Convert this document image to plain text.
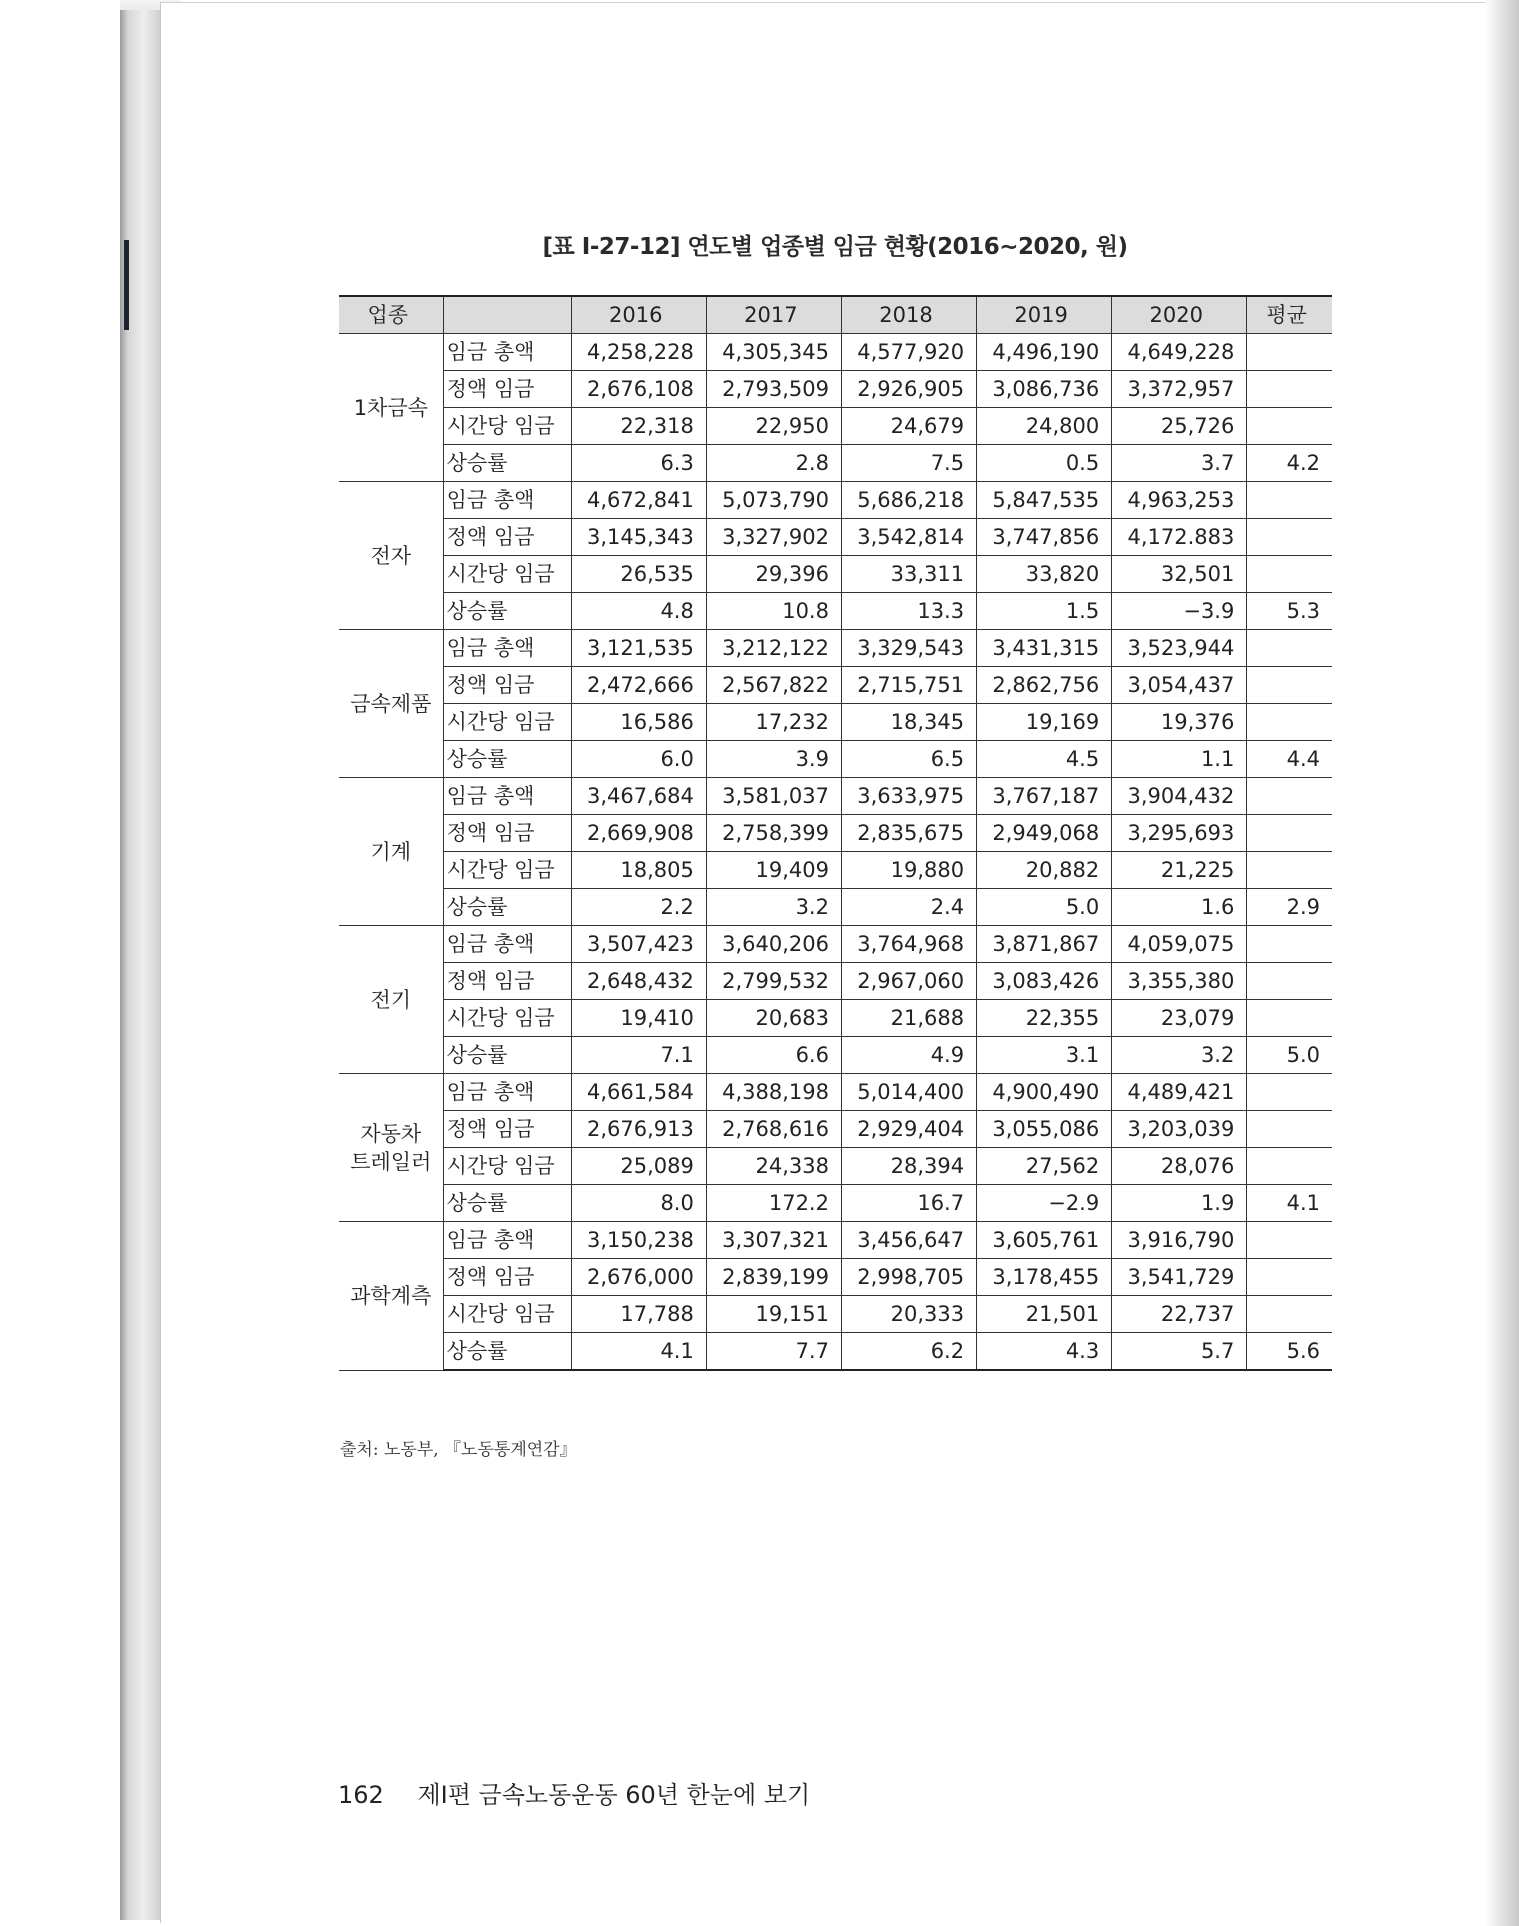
[표 Ⅰ-27-12] 연도별 업종별 임금 현황(2016~2020, 원)
업종		2016	2017	2018	2019	2020	평균
1차금속	임금 총액	4,258,228	4,305,345	4,577,920	4,496,190	4,649,228	
	정액 임금	2,676,108	2,793,509	2,926,905	3,086,736	3,372,957	
	시간당 임금	22,318	22,950	24,679	24,800	25,726	
	상승률	6.3	2.8	7.5	0.5	3.7	4.2
전자	임금 총액	4,672,841	5,073,790	5,686,218	5,847,535	4,963,253	
	정액 임금	3,145,343	3,327,902	3,542,814	3,747,856	4,172.883	
	시간당 임금	26,535	29,396	33,311	33,820	32,501	
	상승률	4.8	10.8	13.3	1.5	−3.9	5.3
금속제품	임금 총액	3,121,535	3,212,122	3,329,543	3,431,315	3,523,944	
	정액 임금	2,472,666	2,567,822	2,715,751	2,862,756	3,054,437	
	시간당 임금	16,586	17,232	18,345	19,169	19,376	
	상승률	6.0	3.9	6.5	4.5	1.1	4.4
기계	임금 총액	3,467,684	3,581,037	3,633,975	3,767,187	3,904,432	
	정액 임금	2,669,908	2,758,399	2,835,675	2,949,068	3,295,693	
	시간당 임금	18,805	19,409	19,880	20,882	21,225	
	상승률	2.2	3.2	2.4	5.0	1.6	2.9
전기	임금 총액	3,507,423	3,640,206	3,764,968	3,871,867	4,059,075	
	정액 임금	2,648,432	2,799,532	2,967,060	3,083,426	3,355,380	
	시간당 임금	19,410	20,683	21,688	22,355	23,079	
	상승률	7.1	6.6	4.9	3.1	3.2	5.0
자동차
트레일러	임금 총액	4,661,584	4,388,198	5,014,400	4,900,490	4,489,421	
	정액 임금	2,676,913	2,768,616	2,929,404	3,055,086	3,203,039	
	시간당 임금	25,089	24,338	28,394	27,562	28,076	
	상승률	8.0	172.2	16.7	−2.9	1.9	4.1
과학계측	임금 총액	3,150,238	3,307,321	3,456,647	3,605,761	3,916,790	
	정액 임금	2,676,000	2,839,199	2,998,705	3,178,455	3,541,729	
	시간당 임금	17,788	19,151	20,333	21,501	22,737	
	상승률	4.1	7.7	6.2	4.3	5.7	5.6
출처: 노동부, 『노동통계연감』
162 제Ⅰ편 금속노동운동 60년 한눈에 보기
